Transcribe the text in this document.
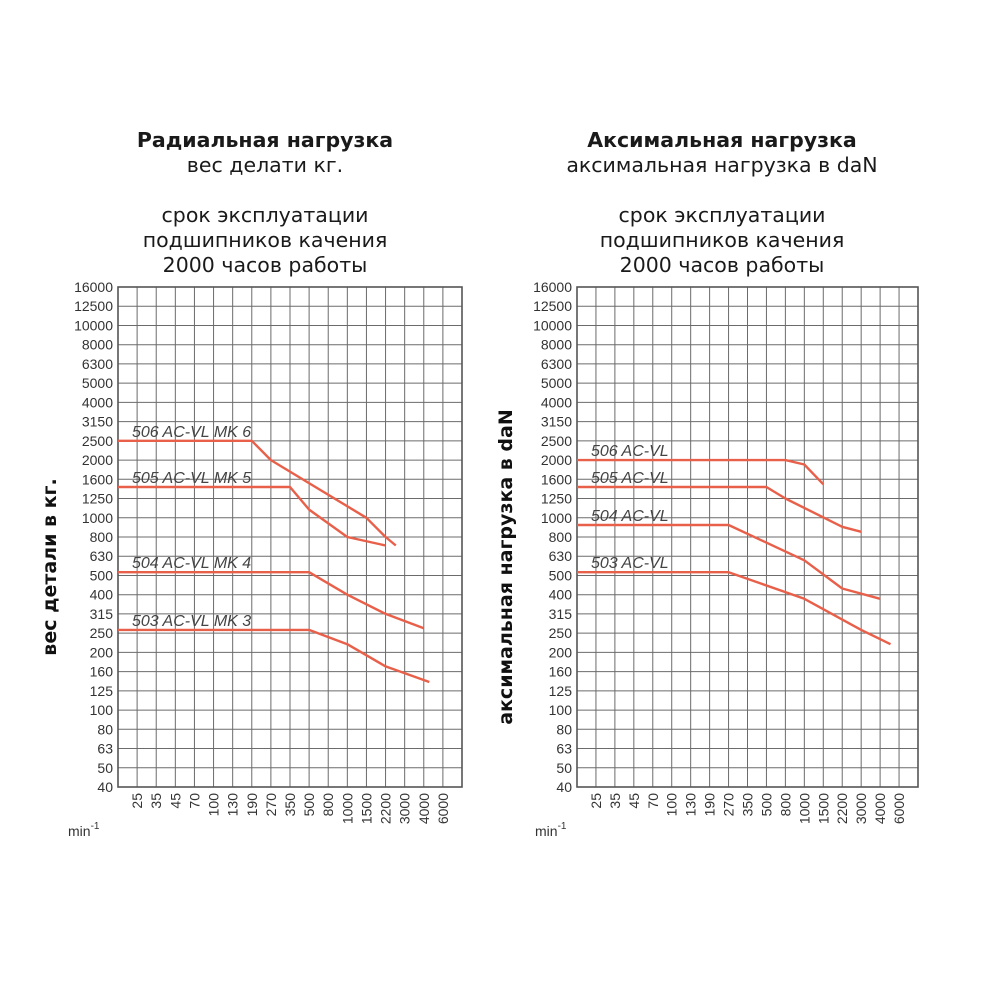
Радиальная нагрузка
вес делати кг.
срок эксплуатации
подшипников качения
2000 часов работы
Аксимальная нагрузка
аксимальная нагрузка в daN
срок эксплуатации
подшипников качения
2000 часов работы
40
50
63
80
100
125
160
200
250
315
400
500
630
800
1000
1250
1600
2000
2500
3150
4000
5000
6300
8000
10000
12500
16000
25 35 45 70 100 130 190 270 350 500 800 1000 1500 2200 3000 4000 6000
вес детали в кг.
$\min^{-1}$
506 AC-VL MK 6
505 AC-VL MK 5
504 AC-VL MK 4
503 AC-VL MK 3
40
50
63
80
100
125
160
200
250
315
400
500
630
800
1000
1250
1600
2000
2500
3150
4000
5000
6300
8000
10000
12500
16000
25 35 45 70 100 130 190 270 350 500 800 1000 1500 2200 3000 4000 6000
аксимальная нагрузка в daN
$\min^{-1}$
506 AC-VL
505 AC-VL
504 AC-VL
503 AC-VL
